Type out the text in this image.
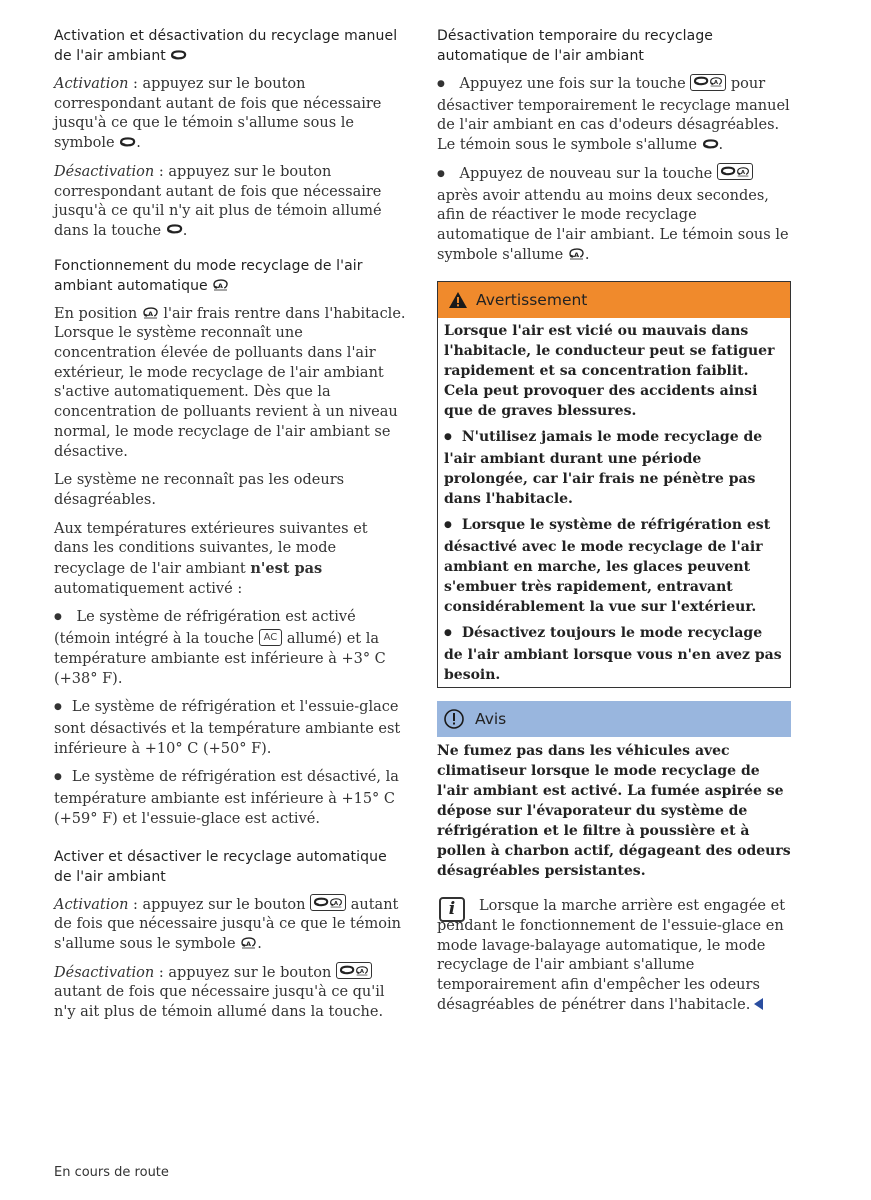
Activation et désactivation du recyclage manuel de l'air ambiant

Activation : appuyez sur le bouton correspondant autant de fois que nécessaire jusqu'à ce que le témoin s'allume sous le symbole .

Désactivation : appuyez sur le bouton correspondant autant de fois que nécessaire jusqu'à ce qu'il n'y ait plus de témoin allumé dans la touche .

Fonctionnement du mode recyclage de l'air ambiant automatique

En position  l'air frais rentre dans l'habitacle. Lorsque le système reconnaît une concentration élevée de polluants dans l'air extérieur, le mode recyclage de l'air ambiant s'active automatiquement. Dès que la concentration de polluants revient à un niveau normal, le mode recyclage de l'air ambiant se désactive.

Le système ne reconnaît pas les odeurs désagréables.

Aux températures extérieures suivantes et dans les conditions suivantes, le mode recyclage de l'air ambiant n'est pas automatiquement activé :

● Le système de réfrigération est activé (témoin intégré à la touche AC allumé) et la température ambiante est inférieure à +3° C (+38° F).

● Le système de réfrigération et l'essuie-glace sont désactivés et la température ambiante est inférieure à +10° C (+50° F).

● Le système de réfrigération est désactivé, la température ambiante est inférieure à +15° C (+59° F) et l'essuie-glace est activé.

Activer et désactiver le recyclage automatique de l'air ambiant

Activation : appuyez sur le bouton  autant de fois que nécessaire jusqu'à ce que le témoin s'allume sous le symbole .

Désactivation : appuyez sur le bouton  autant de fois que nécessaire jusqu'à ce qu'il n'y ait plus de témoin allumé dans la touche.

Désactivation temporaire du recyclage automatique de l'air ambiant

● Appuyez une fois sur la touche  pour désactiver temporairement le recyclage manuel de l'air ambiant en cas d'odeurs désagréables. Le témoin sous le symbole s'allume .

● Appuyez de nouveau sur la touche  après avoir attendu au moins deux secondes, afin de réactiver le mode recyclage automatique de l'air ambiant. Le témoin sous le symbole s'allume .

Avertissement

Lorsque l'air est vicié ou mauvais dans l'habitacle, le conducteur peut se fatiguer rapidement et sa concentration faiblit. Cela peut provoquer des accidents ainsi que de graves blessures.

● N'utilisez jamais le mode recyclage de l'air ambiant durant une période prolongée, car l'air frais ne pénètre pas dans l'habitacle.

● Lorsque le système de réfrigération est désactivé avec le mode recyclage de l'air ambiant en marche, les glaces peuvent s'embuer très rapidement, entravant considérablement la vue sur l'extérieur.

● Désactivez toujours le mode recyclage de l'air ambiant lorsque vous n'en avez pas besoin.

Avis

Ne fumez pas dans les véhicules avec climatiseur lorsque le mode recyclage de l'air ambiant est activé. La fumée aspirée se dépose sur l'évaporateur du système de réfrigération et le filtre à poussière et à pollen à charbon actif, dégageant des odeurs désagréables persistantes.

i	Lorsque la marche arrière est engagée et pendant le fonctionnement de l'essuie-glace en mode lavage-balayage automatique, le mode recyclage de l'air ambiant s'allume temporairement afin d'empêcher les odeurs désagréables de pénétrer dans l'habitacle.

En cours de route
